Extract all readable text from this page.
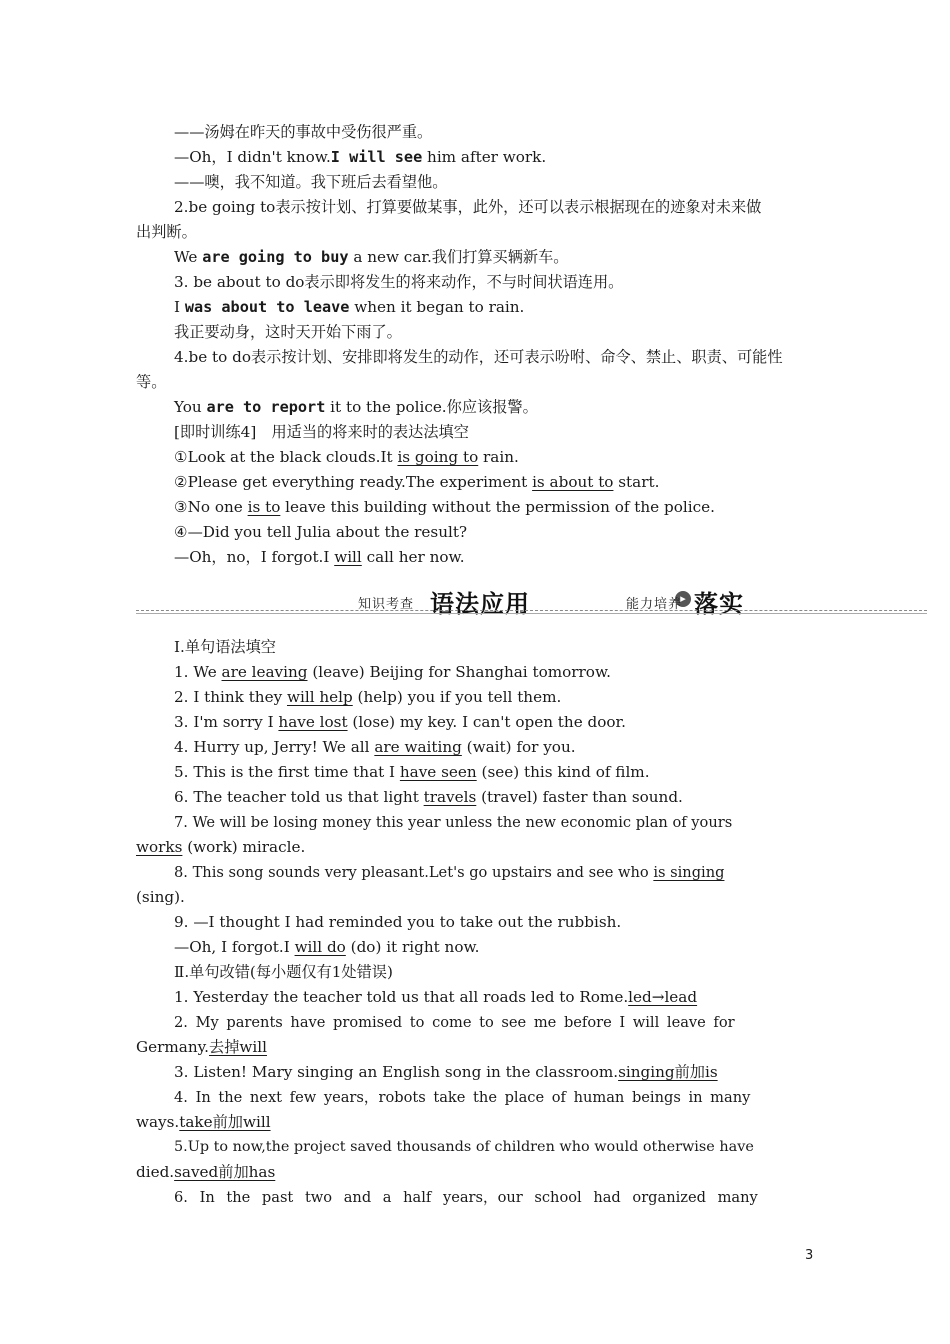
——汤姆在昨天的事故中受伤很严重。
—Oh，I didn't know.I will see him after work.
——噢，我不知道。我下班后去看望他。
2.be going to表示按计划、打算要做某事，此外，还可以表示根据现在的迹象对未来做
出判断。
We are going to buy a new car.我们打算买辆新车。
3. be about to do表示即将发生的将来动作，不与时间状语连用。
I was about to leave when it began to rain.
我正要动身，这时天开始下雨了。
4.be to do表示按计划、安排即将发生的动作，还可表示吩咐、命令、禁止、职责、可能性
等。
You are to report it to the police.你应该报警。
[即时训练4]　用适当的将来时的表达法填空
①Look at the black clouds.It is going to rain.
②Please get everything ready.The experiment is about to start.
③No one is to leave this building without the permission of the police.
④—Did you tell Julia about the result?
—Oh，no，I forgot.I will call her now.
知识考查 语法应用	▸ 落实
能力培养
Ⅰ.单句语法填空
1. We are leaving (leave) Beijing for Shanghai tomorrow.
2. I think they will help (help) you if you tell them.
3. I'm sorry I have lost (lose) my key. I can't open the door.
4. Hurry up, Jerry! We all are waiting (wait) for you.
5. This is the first time that I have seen (see) this kind of film.
6. The teacher told us that light travels (travel) faster than sound.
7. We will be losing money this year unless the new economic plan of yours
works (work) miracle.
8. This song sounds very pleasant.Let's go upstairs and see who is singing
(sing).
9. —I thought I had reminded you to take out the rubbish.
—Oh, I forgot.I will do (do) it right now.
Ⅱ.单句改错(每小题仅有1处错误)
1. Yesterday the teacher told us that all roads led to Rome.led→lead
2. My parents have promised to come to see me before I will leave for
Germany.去掉will
3. Listen! Mary singing an English song in the classroom.singing前加is
4. In the next few years，robots take the place of human beings in many
ways.take前加will
5.Up to now,the project saved thousands of children who would otherwise have
died.saved前加has
6. In the past two and a half years，our school had organized many
3
